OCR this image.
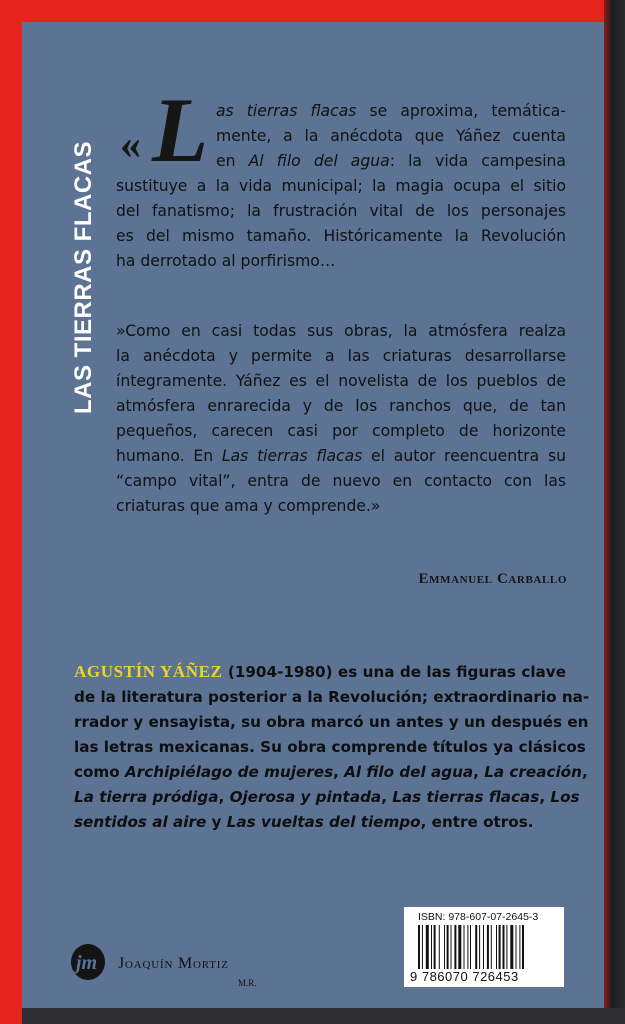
LAS TIERRAS FLACAS « L as tierras flacas se aproxima, temática-
mente, a la anécdota que Yáñez cuenta
en Al filo del agua: la vida campesina
sustituye a la vida municipal; la magia ocupa el sitio
del fanatismo; la frustración vital de los personajes
es del mismo tamaño. Históricamente la Revolución
ha derrotado al porfirismo…
»Como en casi todas sus obras, la atmósfera realza
la anécdota y permite a las criaturas desarrollarse
íntegramente. Yáñez es el novelista de los pueblos de
atmósfera enrarecida y de los ranchos que, de tan
pequeños, carecen casi por completo de horizonte
humano. En Las tierras flacas el autor reencuentra su
“campo vital”, entra de nuevo en contacto con las
criaturas que ama y comprende.»
Emmanuel Carballo
AGUSTÍN YÁÑEZ (1904-1980) es una de las figuras clave
de la literatura posterior a la Revolución; extraordinario na-
rrador y ensayista, su obra marcó un antes y un después en
las letras mexicanas. Su obra comprende títulos ya clásicos
como Archipiélago de mujeres, Al filo del agua, La creación,
La tierra pródiga, Ojerosa y pintada, Las tierras flacas, Los
sentidos al aire y Las vueltas del tiempo, entre otros.
jm Joaquín Mortiz
M.R.
ISBN: 978-607-07-2645-3
9 786070 726453
